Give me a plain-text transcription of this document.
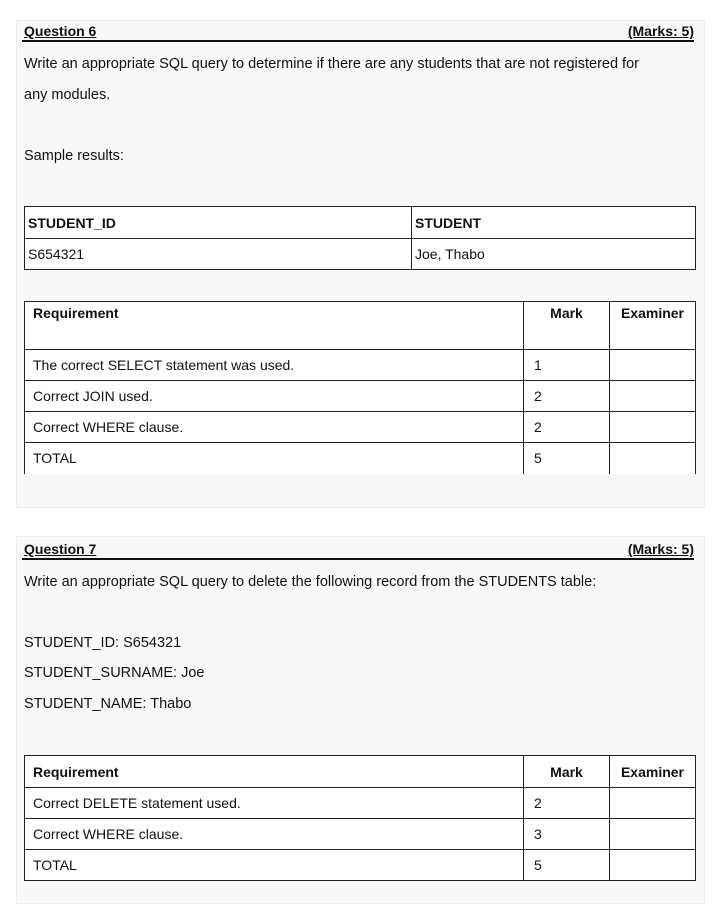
Question 6	(Marks: 5)
Write an appropriate SQL query to determine if there are any students that are not registered for
any modules.
Sample results:
STUDENT_ID	STUDENT
S654321	Joe, Thabo
Requirement	Mark	Examiner
The correct SELECT statement was used.	1	
Correct JOIN used.	2	
Correct WHERE clause.	2	
TOTAL	5	
Question 7	(Marks: 5)
Write an appropriate SQL query to delete the following record from the STUDENTS table:
STUDENT_ID: S654321
STUDENT_SURNAME: Joe
STUDENT_NAME: Thabo
Requirement	Mark	Examiner
Correct DELETE statement used.	2	
Correct WHERE clause.	3	
TOTAL	5	
